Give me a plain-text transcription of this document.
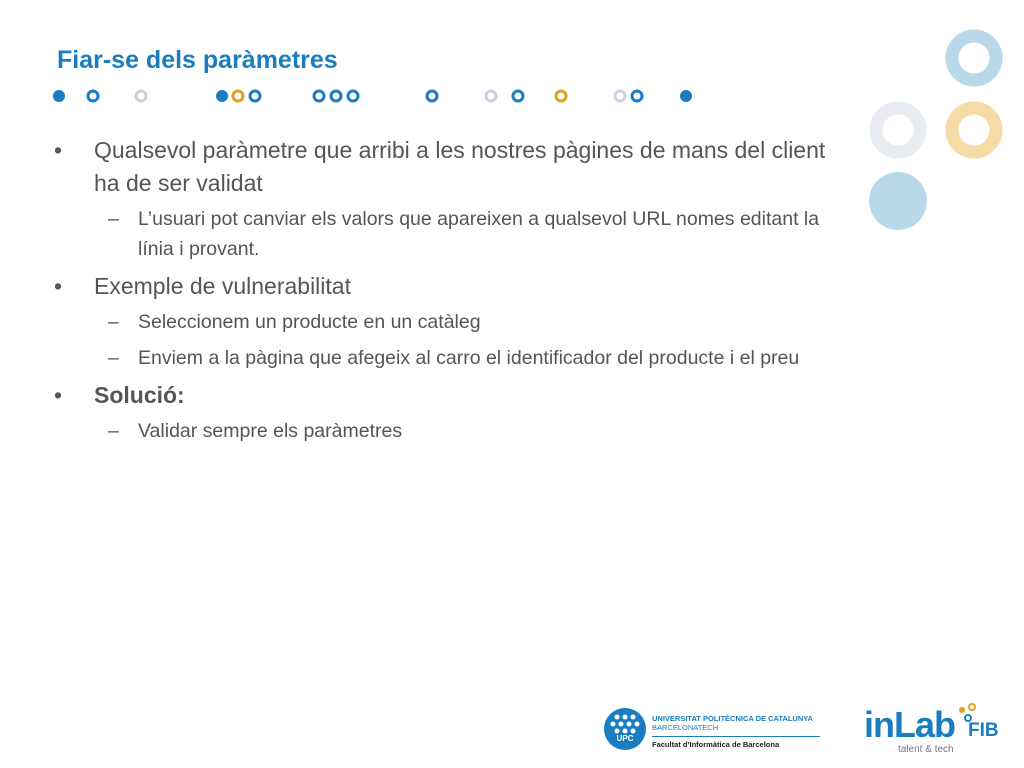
Fiar-se dels paràmetres
• Qualsevol paràmetre que arribi a les nostres pàgines de mans del client ha de ser validat
– L’usuari pot canviar els valors que apareixen a qualsevol URL nomes editant la línia i provant.
• Exemple de vulnerabilitat
– Seleccionem un producte en un catàleg
– Enviem a la pàgina que afegeix al carro el identificador del producte i el preu
• Solució:
– Validar sempre els paràmetres
UPC
UNIVERSITAT POLITÈCNICA DE CATALUNYA
BARCELONATECH
Facultat d’Informàtica de Barcelona inLab FIB
talent & tech
